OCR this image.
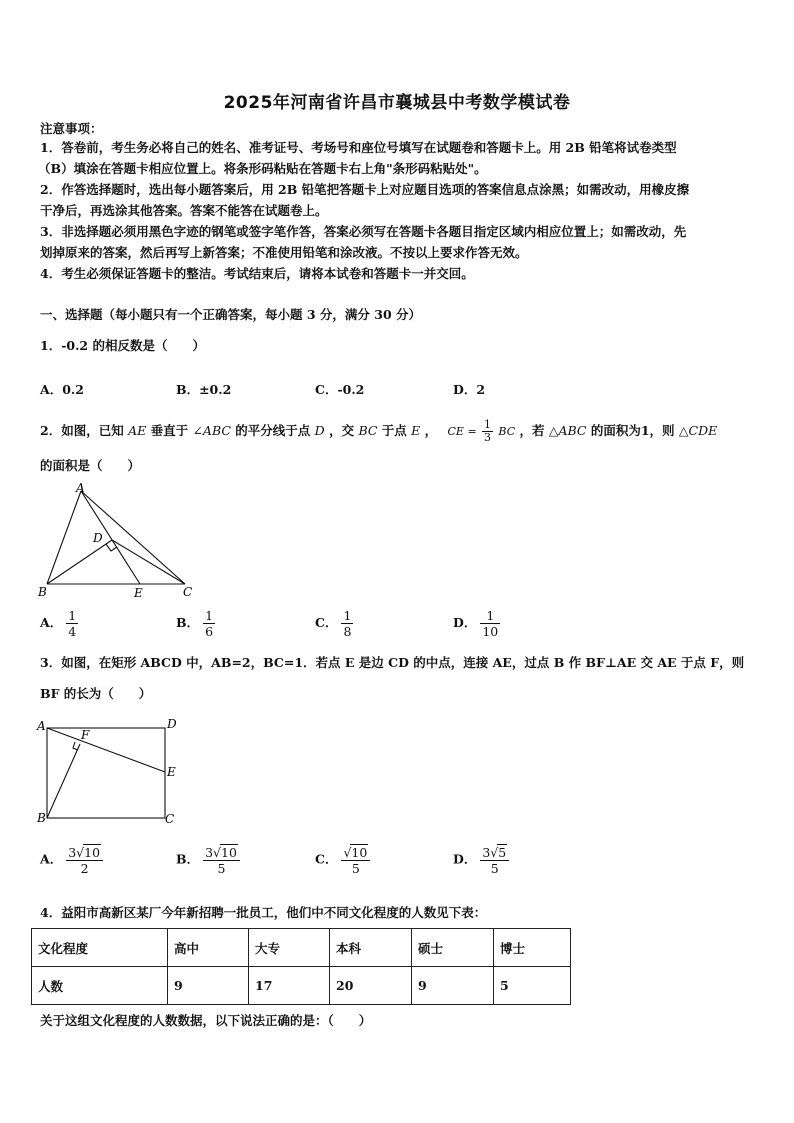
2025年河南省许昌市襄城县中考数学模试卷
注意事项：
1．答卷前，考生务必将自己的姓名、准考证号、考场号和座位号填写在试题卷和答题卡上。用 2B 铅笔将试卷类型
（B）填涂在答题卡相应位置上。将条形码粘贴在答题卡右上角"条形码粘贴处"。
2．作答选择题时，选出每小题答案后，用 2B 铅笔把答题卡上对应题目选项的答案信息点涂黑；如需改动，用橡皮擦
干净后，再选涂其他答案。答案不能答在试题卷上。
3．非选择题必须用黑色字迹的钢笔或签字笔作答，答案必须写在答题卡各题目指定区域内相应位置上；如需改动，先
划掉原来的答案，然后再写上新答案；不准使用铅笔和涂改液。不按以上要求作答无效。
4．考生必须保证答题卡的整洁。考试结束后，请将本试卷和答题卡一并交回。
一、选择题（每小题只有一个正确答案，每小题 3 分，满分 30 分）
1．-0.2 的相反数是（　　）
A．0.2	B．±0.2	C．-0.2	D．2
2．如图，已知 AE 垂直于 ∠ABC 的平分线于点 D ，交 BC 于点 E ， CE = $\frac{1}{3}$ BC ，若 △ABC 的面积为1，则 △CDE
的面积是（　　）
A
B	C
D
E
A． $\frac{1}{4}$	B． $\frac{1}{6}$	C． $\frac{1}{8}$	D． $\frac{1}{10}$
3．如图，在矩形 ABCD 中，AB=2，BC=1．若点 E 是边 CD 的中点，连接 AE，过点 B 作 BF⊥AE 交 AE 于点 F，则
BF 的长为（　　）
A
B	C
D
E
F
A． $\frac{3√10}{2}$	B． $\frac{3√10}{5}$	C． $\frac{√10}{5}$	D． $\frac{3√5}{5}$
4．益阳市高新区某厂今年新招聘一批员工，他们中不同文化程度的人数见下表：
文化程度	高中	大专	本科	硕士	博士
人数	9	17	20	9	5
关于这组文化程度的人数数据，以下说法正确的是：（　　）
